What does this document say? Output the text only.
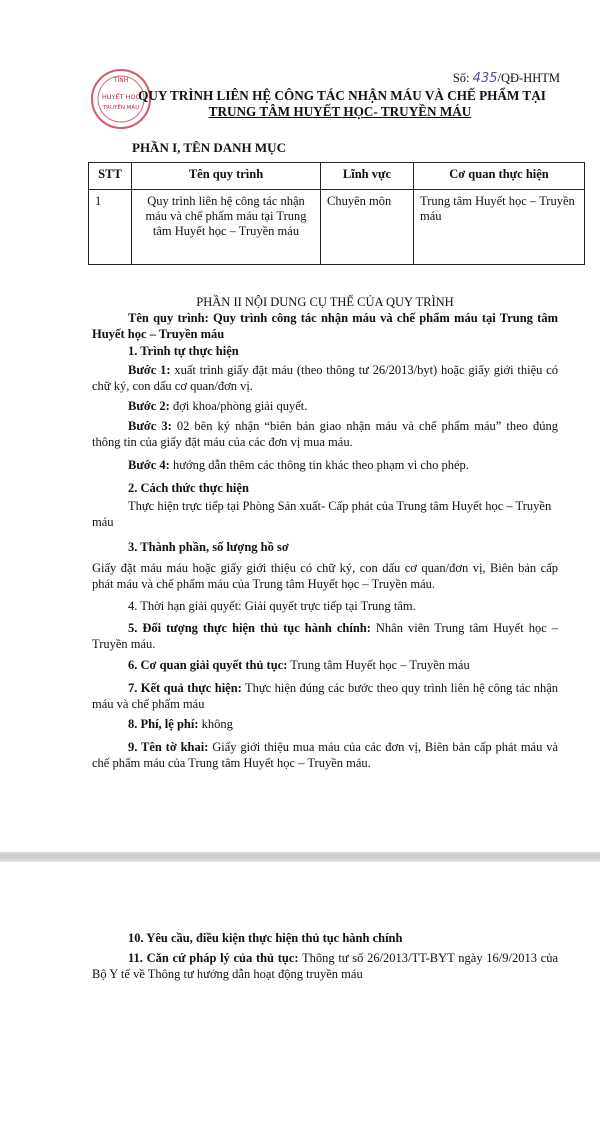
Số: 435/QĐ-HHTM
TỈNH
HUYẾT HỌC
TRUYỀN MÁU
QUY TRÌNH LIÊN HỆ CÔNG TÁC NHẬN MÁU VÀ CHẾ PHẨM TẠI
TRUNG TÂM HUYẾT HỌC- TRUYỀN MÁU
PHẦN I, TÊN DANH MỤC
STT	Tên quy trình	Lĩnh vực	Cơ quan thực hiện
1	Quy trình liên hệ công tác nhận máu và chế phẩm máu tại Trung tâm Huyết học – Truyền máu	Chuyên môn	Trung tâm Huyết học – Truyền máu
PHẦN II NỘI DUNG CỤ THỂ CỦA QUY TRÌNH
Tên quy trình: Quy trình công tác nhận máu và chế phẩm máu tại Trung tâm Huyết học – Truyền máu
1. Trình tự thực hiện
Bước 1: xuất trình giấy đặt máu (theo thông tư 26/2013/byt) hoặc giấy giới thiệu có chữ ký, con dấu cơ quan/đơn vị.
Bước 2: đợi khoa/phòng giải quyết.
Bước 3: 02 bên ký nhận “biên bản giao nhận máu và chế phẩm máu” theo đúng thông tin của giấy đặt máu của các đơn vị mua máu.
Bước 4: hướng dẫn thêm các thông tin khác theo phạm vi cho phép.
2. Cách thức thực hiện
Thực hiện trực tiếp tại Phòng Sản xuất- Cấp phát của Trung tâm Huyết học – Truyền máu
3. Thành phần, số lượng hồ sơ
Giấy đặt máu máu hoặc giấy giới thiệu có chữ ký, con dấu cơ quan/đơn vị, Biên bản cấp phát máu và chế phẩm máu của Trung tâm Huyết học – Truyền máu.
4. Thời hạn giải quyết: Giải quyết trực tiếp tại Trung tâm.
5. Đối tượng thực hiện thủ tục hành chính: Nhân viên Trung tâm Huyết học – Truyền máu.
6. Cơ quan giải quyết thủ tục: Trung tâm Huyết học – Truyền máu
7. Kết quả thực hiện: Thực hiện đúng các bước theo quy trình liên hệ công tác nhận máu và chế phẩm máu
8. Phí, lệ phí: không
9. Tên tờ khai: Giấy giới thiệu mua máu của các đơn vị, Biên bản cấp phát máu và chế phẩm máu của Trung tâm Huyết học – Truyền máu.
10. Yêu cầu, điều kiện thực hiện thủ tục hành chính
11. Căn cứ pháp lý của thủ tục: Thông tư số 26/2013/TT-BYT ngày 16/9/2013 của Bộ Y tế về Thông tư hướng dẫn hoạt động truyền máu
